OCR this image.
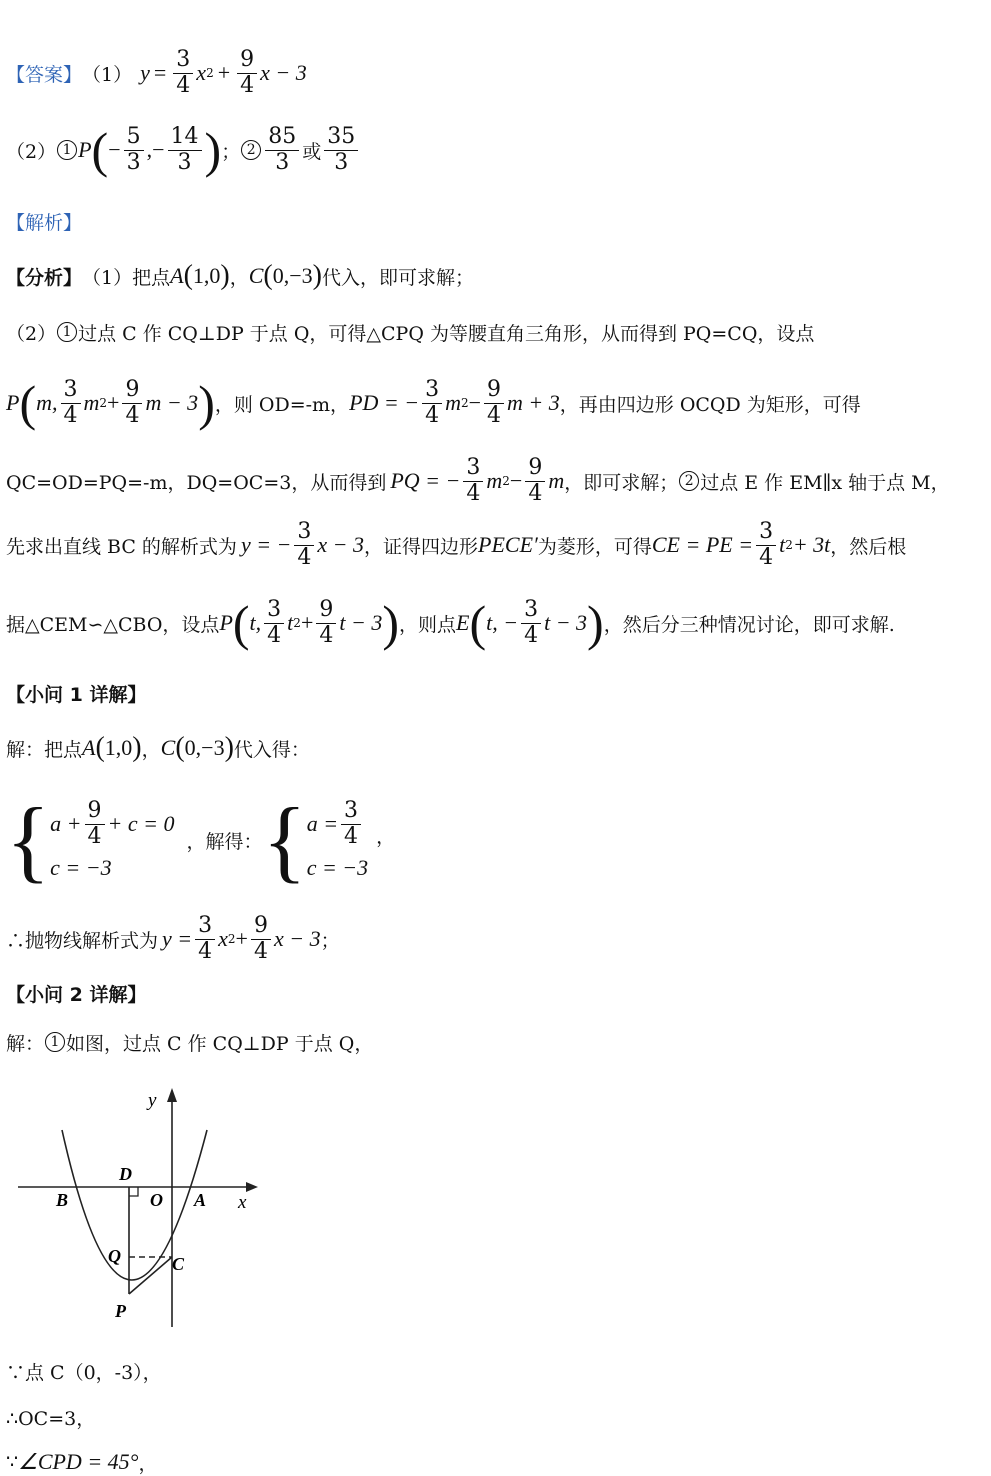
【答案】 （1） $y = \frac{3}{4}$ x $2 + \frac{9}{4}$ x − 3
（2） 1 P ( − $\frac{5}{3}$ ,− $\frac{14}{3}$ ) ； $2 \frac{85}{3}$ 或 $\frac{35}{3}$
【解析】
【分析】 （1）把点 A ( 1,0 ) ， C ( 0,−3 ) 代入，即可求解；
（2） 1 过点 C 作 CQ⊥DP 于点 Q，可得△CPQ 为等腰直角三角形，从而得到 PQ=CQ，设点
P ( m, $\frac{3}{4}$ m $2 + \frac{9}{4}$ m − 3 ) ，则 OD=-m， PD = − $\frac{3}{4}$ m $2 - \frac{9}{4}$ m + 3 ，再由四边形 OCQD 为矩形，可得
QC=OD=PQ=-m，DQ=OC=3，从而得到 PQ = − $\frac{3}{4}$ m $2 - \frac{9}{4}$ m ，即可求解； 2 过点 E 作 EM∥x 轴于点 M，
先求出直线 BC 的解析式为 y = − $\frac{3}{4}$ x − 3 ，证得四边形 PECE′ 为菱形，可得 CE = PE = $\frac{3}{4}$ t 2 + 3t ，然后根
据△CEM∽△CBO，设点 P ( t, $\frac{3}{4}$ t $2 + \frac{9}{4}$ t − 3 ) ，则点 E ( t, − $\frac{3}{4}$ t − 3 ) ，然后分三种情况讨论，即可求解.
【小问 1 详解】
解：把点 A ( 1,0 ) ， C ( 0,−3 ) 代入得：
{ $a + \frac{9}{4} + c = 0$
c = −3
，解得： { $a = \frac{3}{4}$
c = −3
，
∴抛物线解析式为 $y = \frac{3}{4}$ x $2 + \frac{9}{4}$ x − 3 ；
【小问 2 详解】
解： 1 如图，过点 C 作 CQ⊥DP 于点 Q，
y
x
D
B	O A
Q	C
P
∵点 C（0，-3），
∴OC=3，
∵ ∠CPD = 45° ，
